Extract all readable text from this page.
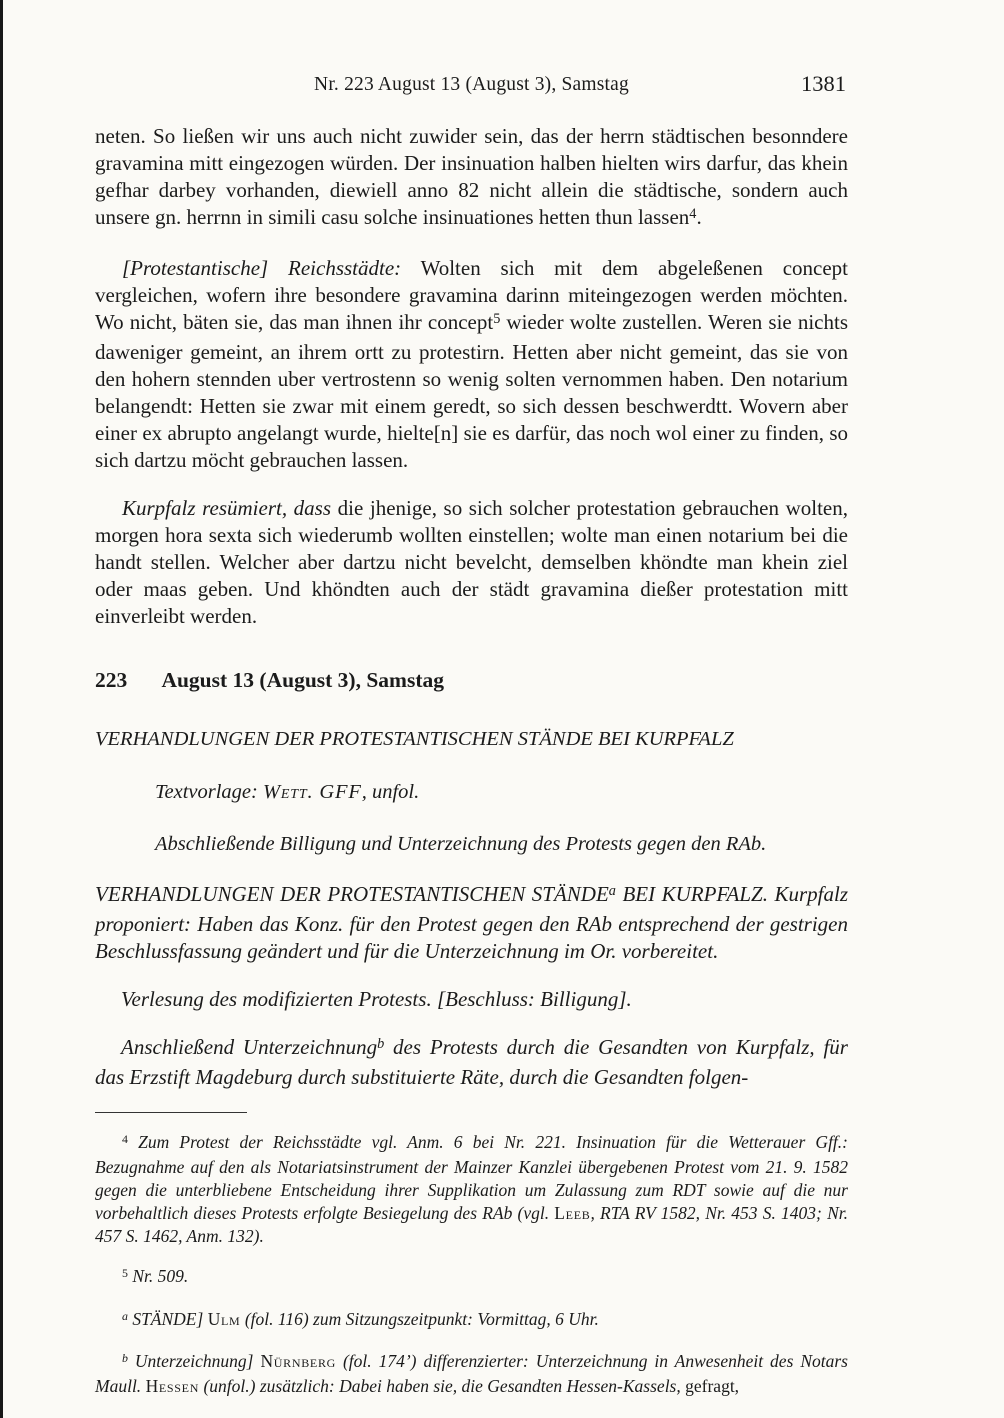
Nr. 223 August 13 (August 3), Samstag	1381

neten. So ließen wir uns auch nicht zuwider sein, das der herrn städtischen besonndere gravamina mitt eingezogen würden. Der insinuation halben hielten wirs darfur, das khein gefhar darbey vorhanden, diewiell anno 82 nicht allein die städtische, sondern auch unsere gn. herrnn in simili casu solche insinuationes hetten thun lassen$^4$.

[Protestantische] Reichsstädte: Wolten sich mit dem abgeleßenen concept vergleichen, wofern ihre besondere gravamina darinn miteingezogen werden möchten. Wo nicht, bäten sie, das man ihnen ihr concept$^5$ wieder wolte zustellen. Weren sie nichts daweniger gemeint, an ihrem ortt zu protestirn. Hetten aber nicht gemeint, das sie von den hohern stennden uber vertrostenn so wenig solten vernommen haben. Den notarium belangendt: Hetten sie zwar mit einem geredt, so sich dessen beschwerdtt. Wovern aber einer ex abrupto angelangt wurde, hielte[n] sie es darfür, das noch wol einer zu finden, so sich dartzu möcht gebrauchen lassen.

Kurpfalz resümiert, dass die jhenige, so sich solcher protestation gebrauchen wolten, morgen hora sexta sich wiederumb wollten einstellen; wolte man einen notarium bei die handt stellen. Welcher aber dartzu nicht bevelcht, demselben khöndte man khein ziel oder maas geben. Und khöndten auch der städt gravamina dießer protestation mitt einverleibt werden.

223 August 13 (August 3), Samstag

VERHANDLUNGEN DER PROTESTANTISCHEN STÄNDE BEI KURPFALZ

Textvorlage: Wett. GFF, unfol.

Abschließende Billigung und Unterzeichnung des Protests gegen den RAb.

VERHANDLUNGEN DER PROTESTANTISCHEN STÄNDE$^a$ BEI KURPFALZ. Kurpfalz proponiert: Haben das Konz. für den Protest gegen den RAb entsprechend der gestrigen Beschlussfassung geändert und für die Unterzeichnung im Or. vorbereitet.

Verlesung des modifizierten Protests. [Beschluss: Billigung].

Anschließend Unterzeichnung$^b$ des Protests durch die Gesandten von Kurpfalz, für das Erzstift Magdeburg durch substituierte Räte, durch die Gesandten folgen-

$^4$ Zum Protest der Reichsstädte vgl. Anm. 6 bei Nr. 221. Insinuation für die Wetterauer Gff.: Bezugnahme auf den als Notariatsinstrument der Mainzer Kanzlei übergebenen Protest vom 21. 9. 1582 gegen die unterbliebene Entscheidung ihrer Supplikation um Zulassung zum RDT sowie auf die nur vorbehaltlich dieses Protests erfolgte Besiegelung des RAb (vgl. Leeb, RTA RV 1582, Nr. 453 S. 1403; Nr. 457 S. 1462, Anm. 132).

$^5$ Nr. 509.

$^a$ STÄNDE] Ulm (fol. 116) zum Sitzungszeitpunkt: Vormittag, 6 Uhr.

$^b$ Unterzeichnung] Nürnberg (fol. 174’) differenzierter: Unterzeichnung in Anwesenheit des Notars Maull. Hessen (unfol.) zusätzlich: Dabei haben sie, die Gesandten Hessen-Kassels, gefragt,
